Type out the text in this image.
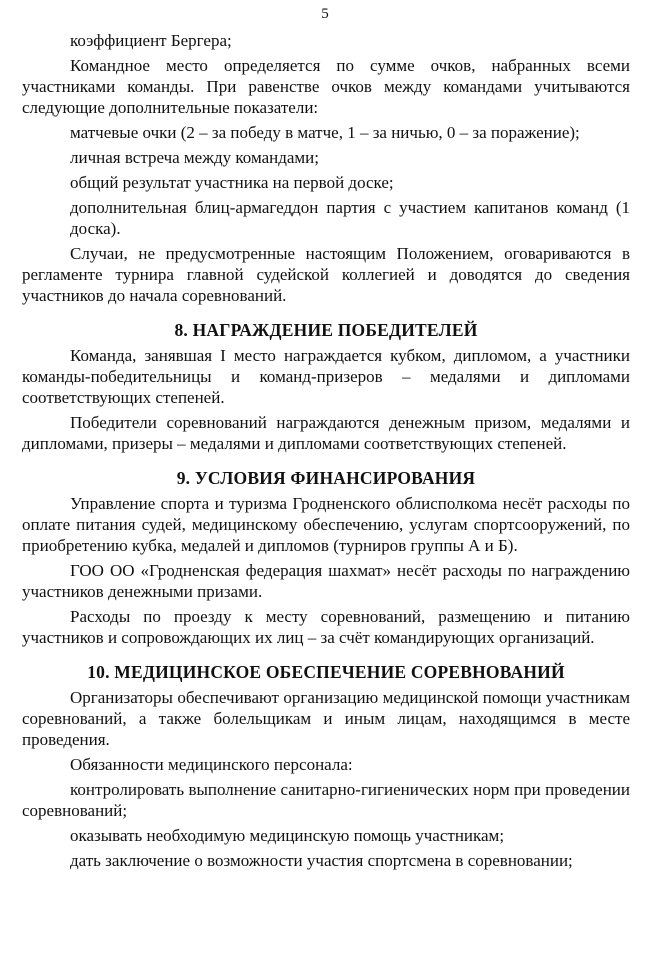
5

коэффициент Бергера;

Командное место определяется по сумме очков, набранных всеми участниками команды. При равенстве очков между командами учитываются следующие дополнительные показатели:

матчевые очки (2 – за победу в матче, 1 – за ничью, 0 – за поражение);

личная встреча между командами;

общий результат участника на первой доске;

дополнительная блиц-армагеддон партия с участием капитанов команд (1 доска).

Случаи, не предусмотренные настоящим Положением, оговариваются в регламенте турнира главной судейской коллегией и доводятся до сведения участников до начала соревнований.

8. НАГРАЖДЕНИЕ ПОБЕДИТЕЛЕЙ

Команда, занявшая I место награждается кубком, дипломом, а участники команды-победительницы и команд-призеров – медалями и дипломами соответствующих степеней.

Победители соревнований награждаются денежным призом, медалями и дипломами, призеры – медалями и дипломами соответствующих степеней.

9. УСЛОВИЯ ФИНАНСИРОВАНИЯ

Управление спорта и туризма Гродненского облисполкома несёт расходы по оплате питания судей, медицинскому обеспечению, услугам спортсооружений, по приобретению кубка, медалей и дипломов (турниров группы А и Б).

ГОО ОО «Гродненская федерация шахмат» несёт расходы по награждению участников денежными призами.

Расходы по проезду к месту соревнований, размещению и питанию участников и сопровождающих их лиц – за счёт командирующих организаций.

10. МЕДИЦИНСКОЕ ОБЕСПЕЧЕНИЕ СОРЕВНОВАНИЙ

Организаторы обеспечивают организацию медицинской помощи участникам соревнований, а также болельщикам и иным лицам, находящимся в месте проведения.

Обязанности медицинского персонала:

контролировать выполнение санитарно-гигиенических норм при проведении соревнований;

оказывать необходимую медицинскую помощь участникам;

дать заключение о возможности участия спортсмена в соревновании;
